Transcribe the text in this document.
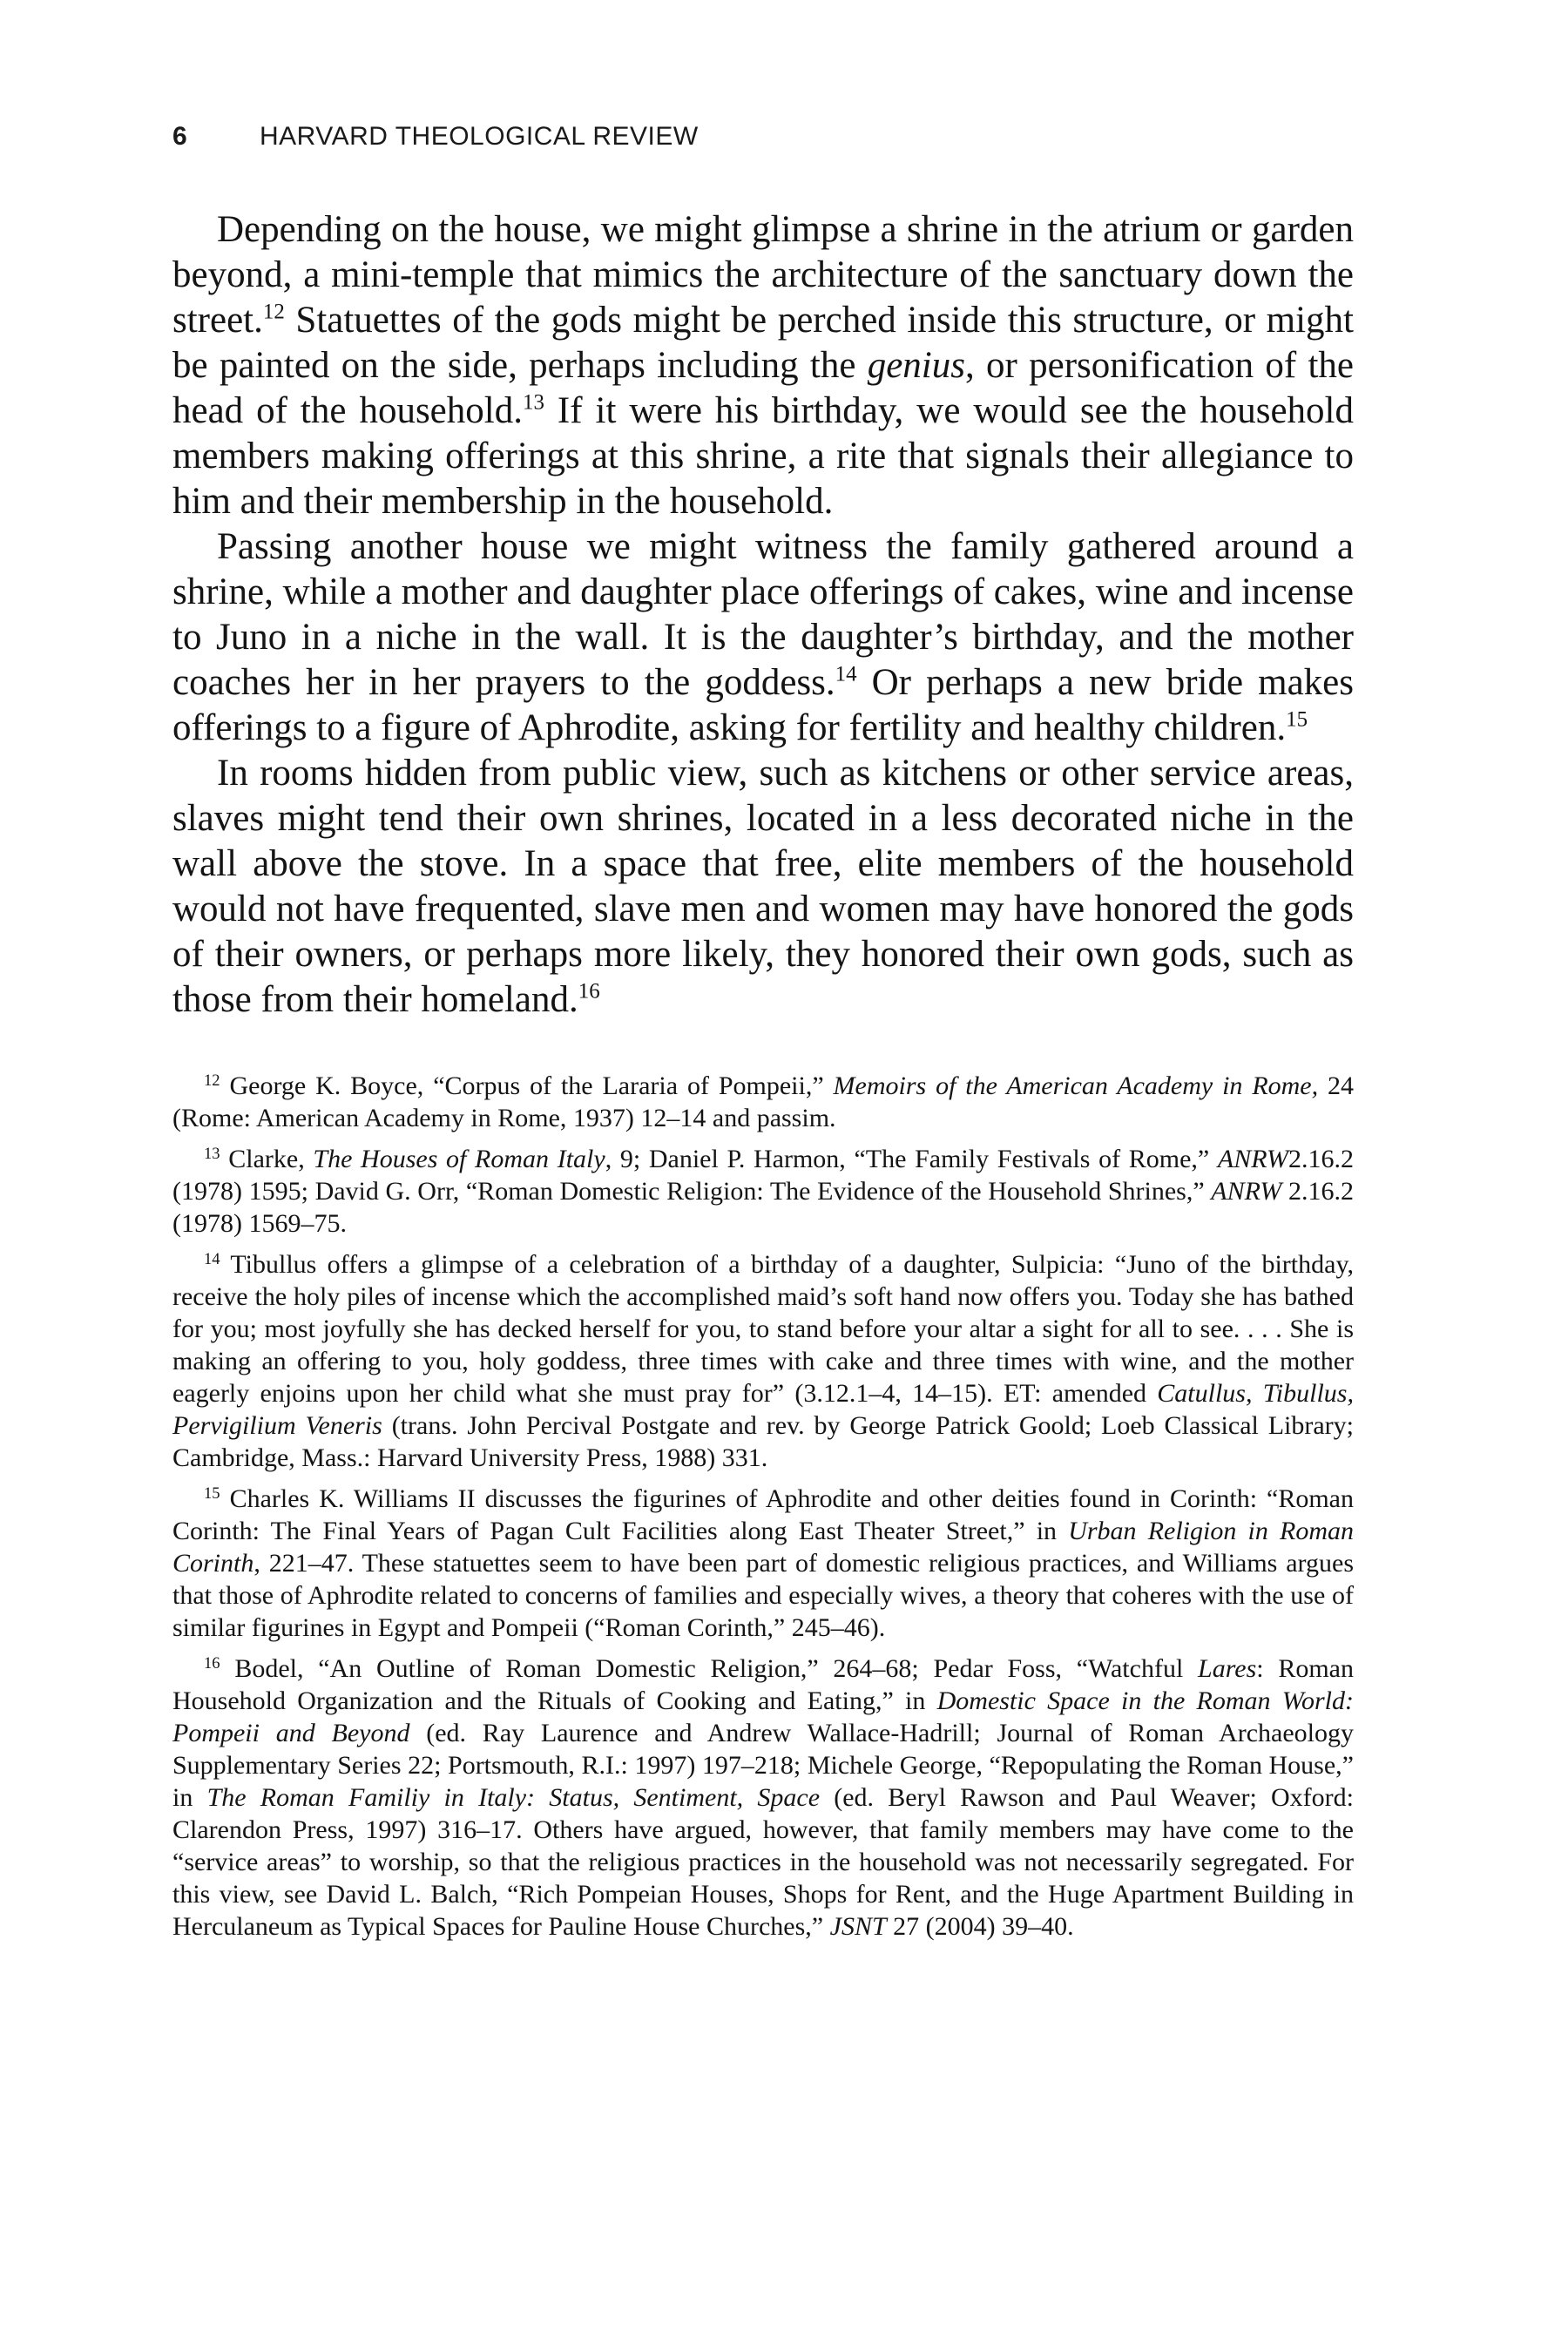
6	HARVARD THEOLOGICAL REVIEW

Depending on the house, we might glimpse a shrine in the atrium or garden beyond, a mini-temple that mimics the architecture of the sanctuary down the street.$^{12}$ Statuettes of the gods might be perched inside this structure, or might be painted on the side, perhaps including the genius, or personification of the head of the household.$^{13}$ If it were his birthday, we would see the household members making offerings at this shrine, a rite that signals their allegiance to him and their membership in the household.

Passing another house we might witness the family gathered around a shrine, while a mother and daughter place offerings of cakes, wine and incense to Juno in a niche in the wall. It is the daughter’s birthday, and the mother coaches her in her prayers to the goddess.$^{14}$ Or perhaps a new bride makes offerings to a figure of Aphrodite, asking for fertility and healthy children.$^{15}$

In rooms hidden from public view, such as kitchens or other service areas, slaves might tend their own shrines, located in a less decorated niche in the wall above the stove. In a space that free, elite members of the household would not have frequented, slave men and women may have honored the gods of their owners, or perhaps more likely, they honored their own gods, such as those from their homeland.$^{16}$

$^{12}$ George K. Boyce, “Corpus of the Lararia of Pompeii,” Memoirs of the American Academy in Rome, 24 (Rome: American Academy in Rome, 1937) 12–14 and passim.

$^{13}$ Clarke, The Houses of Roman Italy, 9; Daniel P. Harmon, “The Family Festivals of Rome,” ANRW2.16.2 (1978) 1595; David G. Orr, “Roman Domestic Religion: The Evidence of the Household Shrines,” ANRW 2.16.2 (1978) 1569–75.

$^{14}$ Tibullus offers a glimpse of a celebration of a birthday of a daughter, Sulpicia: “Juno of the birthday, receive the holy piles of incense which the accomplished maid’s soft hand now offers you. Today she has bathed for you; most joyfully she has decked herself for you, to stand before your altar a sight for all to see. . . . She is making an offering to you, holy goddess, three times with cake and three times with wine, and the mother eagerly enjoins upon her child what she must pray for” (3.12.1–4, 14–15). ET: amended Catullus, Tibullus, Pervigilium Veneris (trans. John Percival Postgate and rev. by George Patrick Goold; Loeb Classical Library; Cambridge, Mass.: Harvard University Press, 1988) 331.

$^{15}$ Charles K. Williams II discusses the figurines of Aphrodite and other deities found in Corinth: “Roman Corinth: The Final Years of Pagan Cult Facilities along East Theater Street,” in Urban Religion in Roman Corinth, 221–47. These statuettes seem to have been part of domestic religious practices, and Williams argues that those of Aphrodite related to concerns of families and especially wives, a theory that coheres with the use of similar figurines in Egypt and Pompeii (“Roman Corinth,” 245–46).

$^{16}$ Bodel, “An Outline of Roman Domestic Religion,” 264–68; Pedar Foss, “Watchful Lares: Roman Household Organization and the Rituals of Cooking and Eating,” in Domestic Space in the Roman World: Pompeii and Beyond (ed. Ray Laurence and Andrew Wallace-Hadrill; Journal of Roman Archaeology Supplementary Series 22; Portsmouth, R.I.: 1997) 197–218; Michele George, “Repopulating the Roman House,” in The Roman Familiy in Italy: Status, Sentiment, Space (ed. Beryl Rawson and Paul Weaver; Oxford: Clarendon Press, 1997) 316–17. Others have argued, however, that family members may have come to the “service areas” to worship, so that the religious practices in the household was not necessarily segregated. For this view, see David L. Balch, “Rich Pompeian Houses, Shops for Rent, and the Huge Apartment Building in Herculaneum as Typical Spaces for Pauline House Churches,” JSNT 27 (2004) 39–40.
